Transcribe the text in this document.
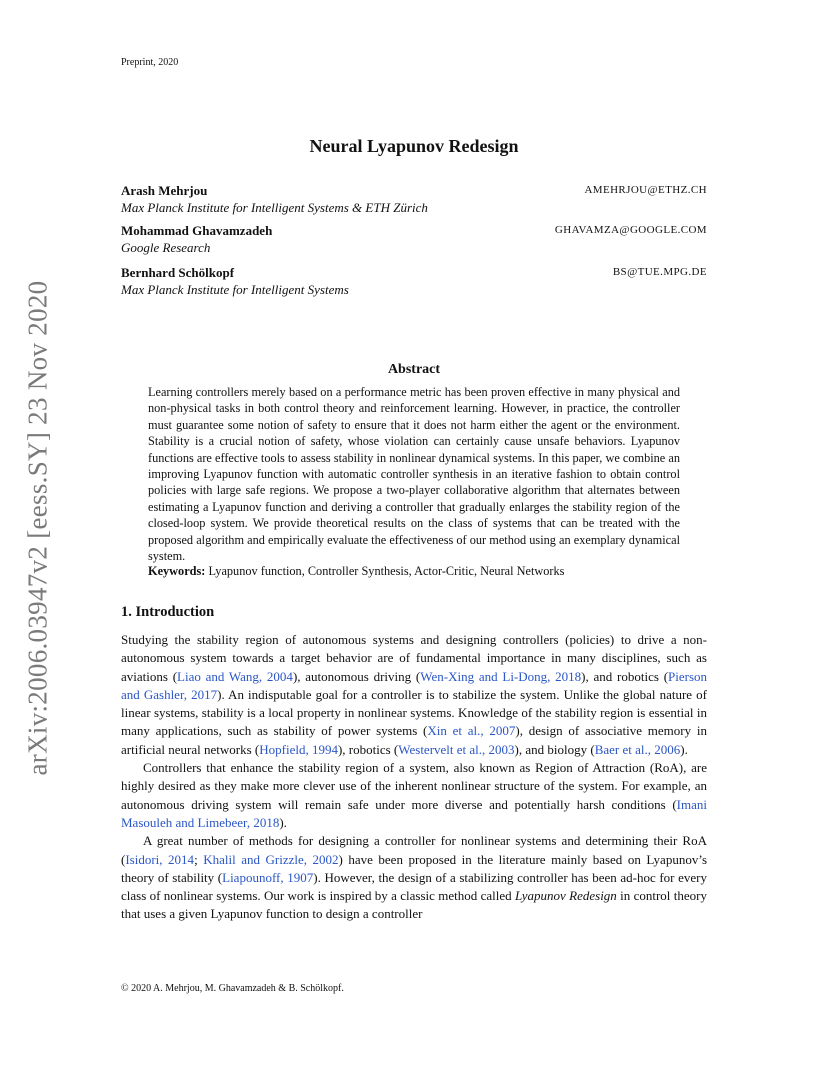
Preprint, 2020
arXiv:2006.03947v2 [eess.SY] 23 Nov 2020
Neural Lyapunov Redesign
Arash Mehrjou	AMEHRJOU@ETHZ.CH
Max Planck Institute for Intelligent Systems & ETH Zürich
Mohammad Ghavamzadeh	GHAVAMZA@GOOGLE.COM
Google Research
Bernhard Schölkopf	BS@TUE.MPG.DE
Max Planck Institute for Intelligent Systems
Abstract
Learning controllers merely based on a performance metric has been proven effective in many physical and non-physical tasks in both control theory and reinforcement learning. However, in practice, the controller must guarantee some notion of safety to ensure that it does not harm either the agent or the environment. Stability is a crucial notion of safety, whose violation can certainly cause unsafe behaviors. Lyapunov functions are effective tools to assess stability in nonlinear dynamical systems. In this paper, we combine an improving Lyapunov function with automatic controller synthesis in an iterative fashion to obtain control policies with large safe regions. We propose a two-player collaborative algorithm that alternates between estimating a Lyapunov function and deriving a controller that gradually enlarges the stability region of the closed-loop system. We provide theoretical results on the class of systems that can be treated with the proposed algorithm and empirically evaluate the effectiveness of our method using an exemplary dynamical system.
Keywords: Lyapunov function, Controller Synthesis, Actor-Critic, Neural Networks
1. Introduction

Studying the stability region of autonomous systems and designing controllers (policies) to drive a non-autonomous system towards a target behavior are of fundamental importance in many disciplines, such as aviations (Liao and Wang, 2004), autonomous driving (Wen-Xing and Li-Dong, 2018), and robotics (Pierson and Gashler, 2017). An indisputable goal for a controller is to stabilize the system. Unlike the global nature of linear systems, stability is a local property in nonlinear systems. Knowledge of the stability region is essential in many applications, such as stability of power systems (Xin et al., 2007), design of associative memory in artificial neural networks (Hopfield, 1994), robotics (Westervelt et al., 2003), and biology (Baer et al., 2006).

Controllers that enhance the stability region of a system, also known as Region of Attraction (RoA), are highly desired as they make more clever use of the inherent nonlinear structure of the system. For example, an autonomous driving system will remain safe under more diverse and potentially harsh conditions (Imani Masouleh and Limebeer, 2018).

A great number of methods for designing a controller for nonlinear systems and determining their RoA (Isidori, 2014; Khalil and Grizzle, 2002) have been proposed in the literature mainly based on Lyapunov’s theory of stability (Liapounoff, 1907). However, the design of a stabilizing controller has been ad-hoc for every class of nonlinear systems. Our work is inspired by a classic method called Lyapunov Redesign in control theory that uses a given Lyapunov function to design a controller

© 2020 A. Mehrjou, M. Ghavamzadeh & B. Schölkopf.
